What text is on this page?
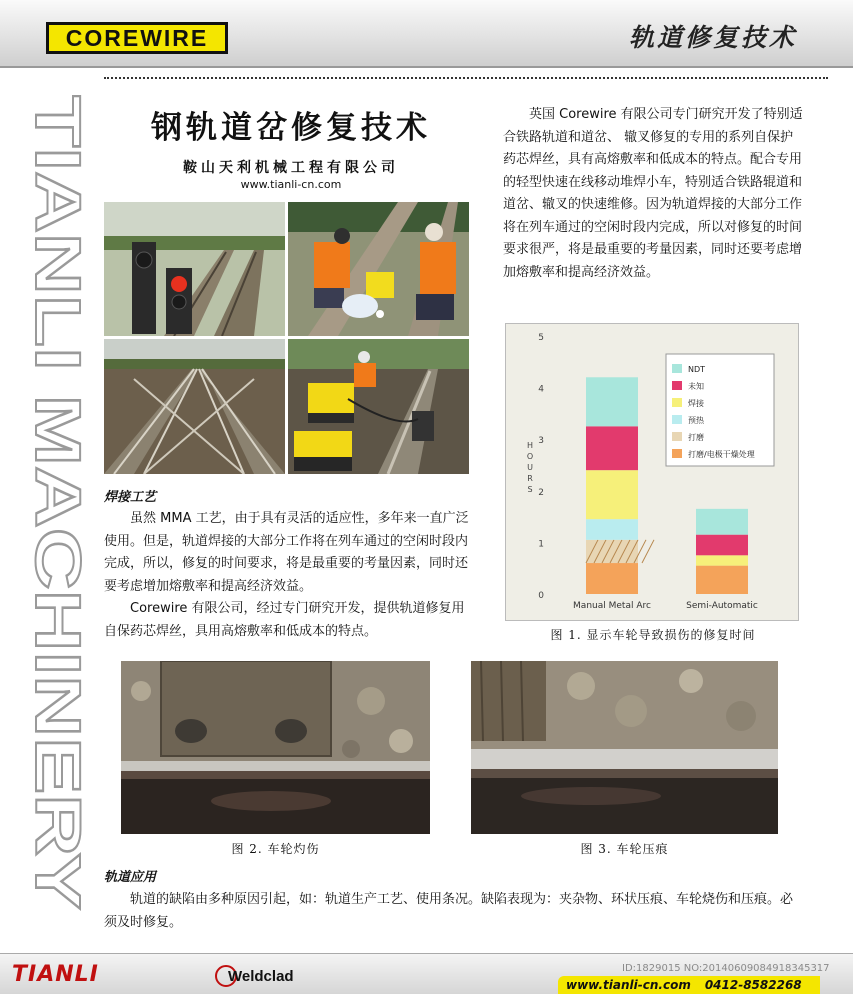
COREWIRE	轨道修复技术
TIANLI MACHINERY	钢轨道岔修复技术
鞍山天利机械工程有限公司
www.tianli-cn.com
英国 Corewire 有限公司专门研究开发了特别适合铁路轨道和道岔、 辙叉修复的专用的系列自保护药芯焊丝，具有高熔敷率和低成本的特点。配合专用的轻型快速在线移动堆焊小车，特别适合铁路辊道和道岔、辙叉的快速维修。因为轨道焊接的大部分工作将在列车通过的空闲时段内完成，所以对修复的时间要求很严，将是最重要的考量因素，同时还要考虑增加熔敷率和提高经济效益。
0
1
2
3
4
5
H
O
U
R
S
Manual Metal Arc	Semi-Automatic
NDT
未知
焊接
预热
打磨
打磨/电极干燥处理
图 1. 显示车轮导致损伤的修复时间
焊接工艺

虽然 MMA 工艺，由于具有灵活的适应性，多年来一直广泛使用。但是，轨道焊接的大部分工作将在列车通过的空闲时段内完成，所以，修复的时间要求，将是最重要的考量因素，同时还要考虑增加熔敷率和提高经济效益。

Corewire 有限公司，经过专门研究开发，提供轨道修复用自保药芯焊丝，具用高熔敷率和低成本的特点。

图 2. 车轮灼伤	图 3. 车轮压痕
轨道应用
轨道的缺陷由多种原因引起，如：轨道生产工艺、使用条况。缺陷表现为：夹杂物、环状压痕、车轮烧伤和压痕。必须及时修复。
TIANLI	Weldclad	ID:1829015 NO:20140609084918345317
www.tianli-cn.com 0412-8582268
